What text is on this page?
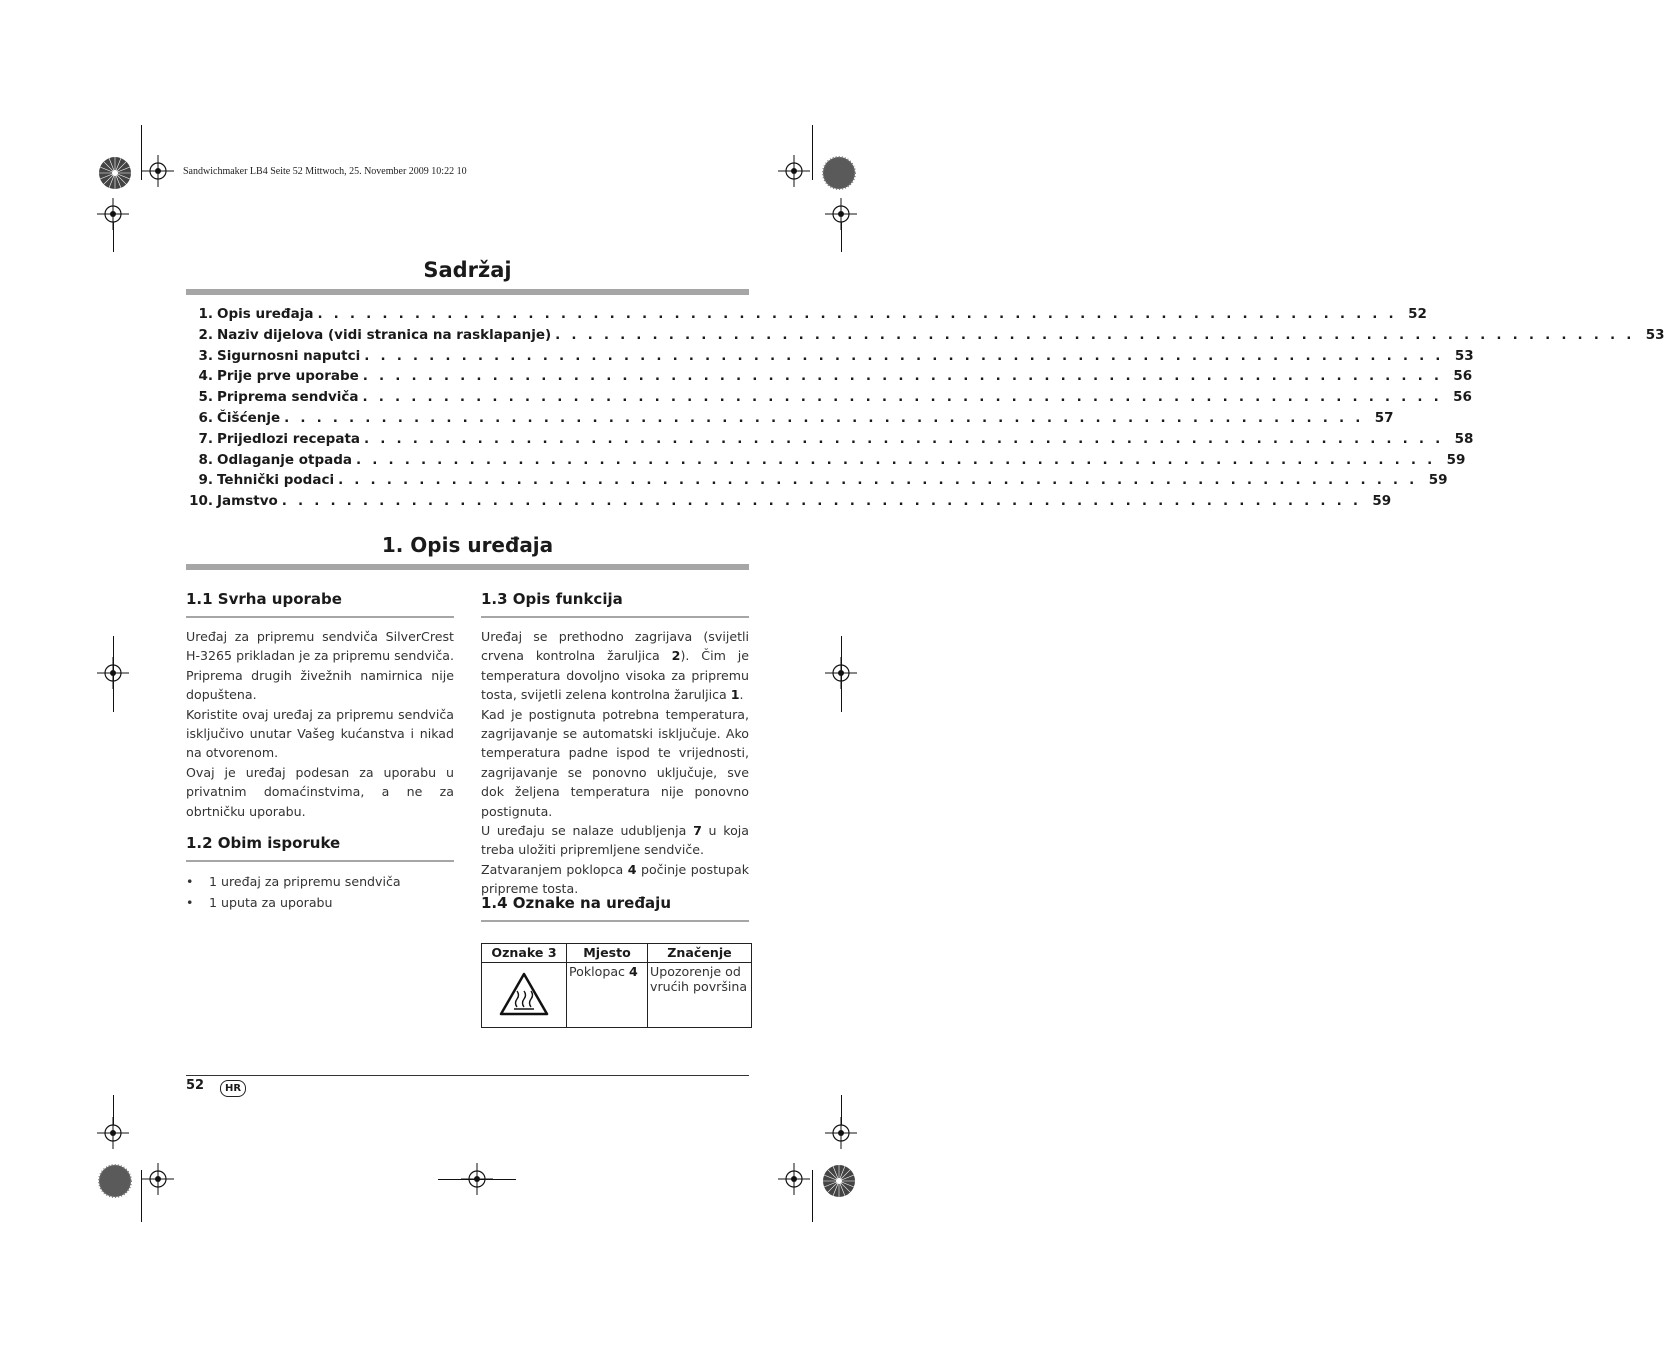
Sandwichmaker LB4 Seite 52 Mittwoch, 25. November 2009 10:22 10
Sadržaj
1. Opis uređaja . . . . . . . . . . . . . . . . . . . . . . . . . . . . . . . . . . . . . . . . . . . . . . . . . . . . . . . . . . . . . . . . . . . 52
2. Naziv dijelova (vidi stranica na rasklapanje) . . . . . . . . . . . . . . . . . . . . . . . . . . . . . . . . . . . . . . . . . . . . . . . . . . . . . . . . . . . . . . . . . . . 53
3. Sigurnosni naputci . . . . . . . . . . . . . . . . . . . . . . . . . . . . . . . . . . . . . . . . . . . . . . . . . . . . . . . . . . . . . . . . . . . 53
4. Prije prve uporabe . . . . . . . . . . . . . . . . . . . . . . . . . . . . . . . . . . . . . . . . . . . . . . . . . . . . . . . . . . . . . . . . . . . 56
5. Priprema sendviča . . . . . . . . . . . . . . . . . . . . . . . . . . . . . . . . . . . . . . . . . . . . . . . . . . . . . . . . . . . . . . . . . . . 56
6. Čišćenje . . . . . . . . . . . . . . . . . . . . . . . . . . . . . . . . . . . . . . . . . . . . . . . . . . . . . . . . . . . . . . . . . . . 57
7. Prijedlozi recepata . . . . . . . . . . . . . . . . . . . . . . . . . . . . . . . . . . . . . . . . . . . . . . . . . . . . . . . . . . . . . . . . . . . 58
8. Odlaganje otpada . . . . . . . . . . . . . . . . . . . . . . . . . . . . . . . . . . . . . . . . . . . . . . . . . . . . . . . . . . . . . . . . . . . 59
9. Tehnički podaci . . . . . . . . . . . . . . . . . . . . . . . . . . . . . . . . . . . . . . . . . . . . . . . . . . . . . . . . . . . . . . . . . . . 59
10. Jamstvo . . . . . . . . . . . . . . . . . . . . . . . . . . . . . . . . . . . . . . . . . . . . . . . . . . . . . . . . . . . . . . . . . . . 59
1. Opis uređaja
1.1 Svrha uporabe

Uređaj za pripremu sendviča SilverCrest H-3265 prikladan je za pripremu sendviča. Priprema drugih živežnih namirnica nije dopuštena.

Koristite ovaj uređaj za pripremu sendviča isključivo unutar Vašeg kućanstva i nikad na otvorenom.

Ovaj je uređaj podesan za uporabu u privatnim domaćinstvima, a ne za obrtničku uporabu.

1.2 Obim isporuke
•	1 uređaj za pripremu sendviča
•	1 uputa za uporabu
1.3 Opis funkcija

Uređaj se prethodno zagrijava (svijetli crvena kontrolna žaruljica 2). Čim je temperatura dovoljno visoka za pripremu tosta, svijetli zelena kontrolna žaruljica 1.

Kad je postignuta potrebna temperatura, zagrijavanje se automatski isključuje. Ako temperatura padne ispod te vrijednosti, zagrijavanje se ponovno uključuje, sve dok željena temperatura nije ponovno postignuta.

U uređaju se nalaze udubljenja 7 u koja treba uložiti pripremljene sendviče.

Zatvaranjem poklopca 4 počinje postupak pripreme tosta.

1.4 Oznake na uređaju
Oznake 3	Mjesto	Značenje
	Poklopac 4	Upozorenje od vrućih površina
52	HR
